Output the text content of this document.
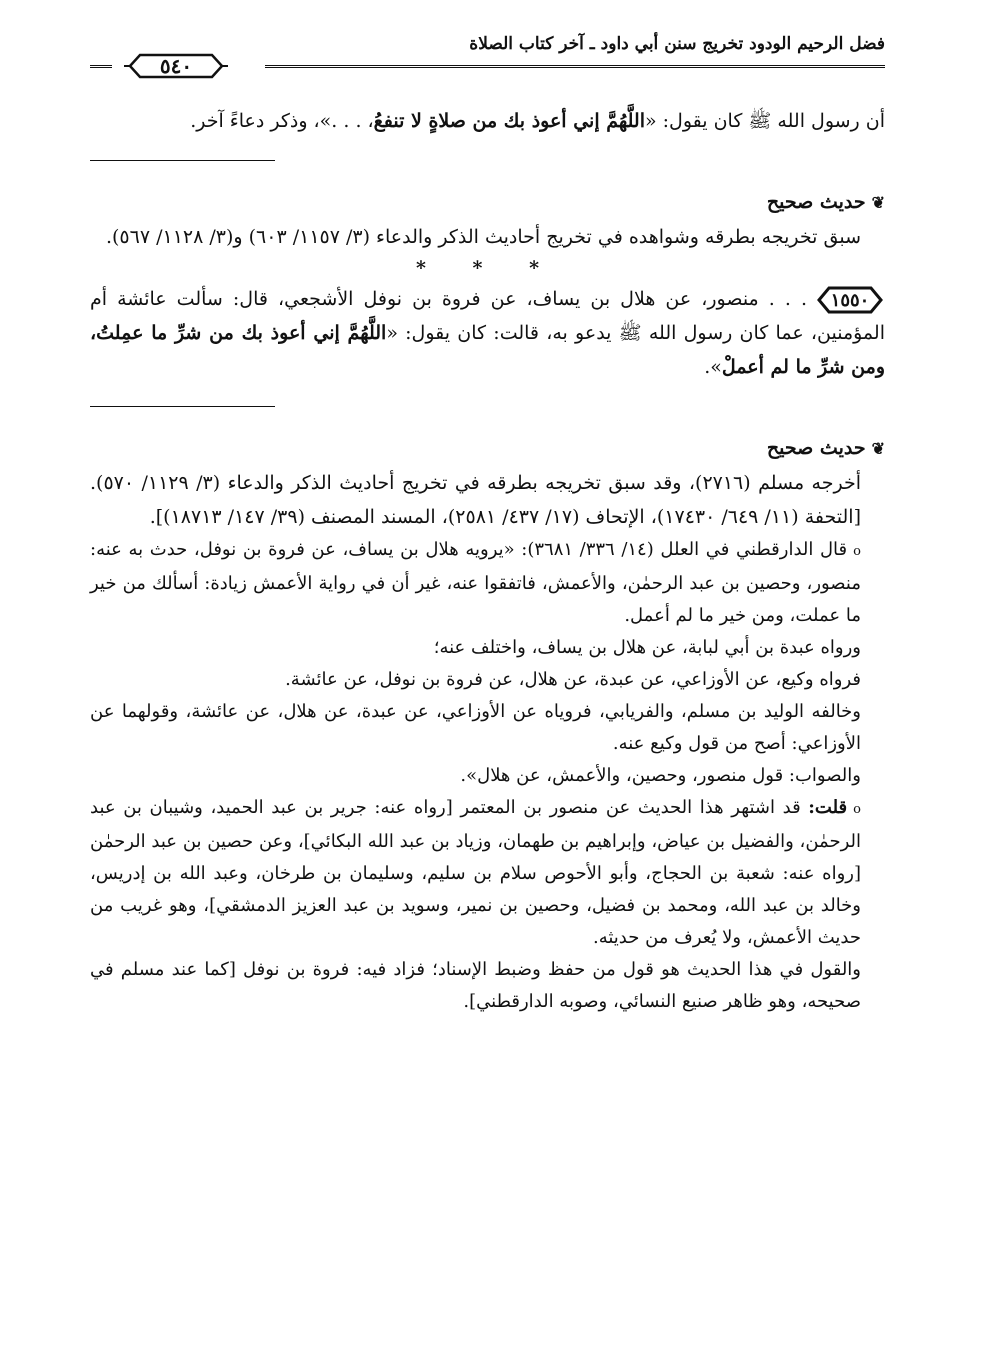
فضل الرحيم الودود تخريج سنن أبي داود ـ آخر كتاب الصلاة
٥٤٠

أن رسول الله ﷺ كان يقول: «اللَّهُمَّ إني أعوذ بك من صلاةٍ لا تنفعُ، . . .»، وذكر دعاءً آخر.

❦حديث صحيح

سبق تخريجه بطرقه وشواهده في تخريج أحاديث الذكر والدعاء (٣/ ١١٥٧/ ٦٠٣) و(٣/ ١١٢٨/ ٥٦٧).

* * *

١٥٥٠
. . . منصور، عن هلال بن يساف، عن فروة بن نوفل الأشجعي، قال: سألت عائشة أم المؤمنين، عما كان رسول الله ﷺ يدعو به، قالت: كان يقول: «اللَّهُمَّ إني أعوذ بك من شرِّ ما عمِلتُ، ومن شرِّ ما لم أعملْ».

❦حديث صحيح

أخرجه مسلم (٢٧١٦)، وقد سبق تخريجه بطرقه في تخريج أحاديث الذكر والدعاء (٣/ ١١٢٩/ ٥٧٠). [التحفة (١١/ ٦٤٩/ ١٧٤٣٠)، الإتحاف (١٧/ ٤٣٧/ ٢٥٨١)، المسند المصنف (٣٩/ ١٤٧/ ١٨٧١٣)].

oقال الدارقطني في العلل (١٤/ ٣٣٦/ ٣٦٨١): «يرويه هلال بن يساف، عن فروة بن نوفل، حدث به عنه: منصور، وحصين بن عبد الرحمٰن، والأعمش، فاتفقوا عنه، غير أن في رواية الأعمش زيادة: أسألك من خير ما عملت، ومن خير ما لم أعمل.

ورواه عبدة بن أبي لبابة، عن هلال بن يساف، واختلف عنه؛

فرواه وكيع، عن الأوزاعي، عن عبدة، عن هلال، عن فروة بن نوفل، عن عائشة.

وخالفه الوليد بن مسلم، والفريابي، فروياه عن الأوزاعي، عن عبدة، عن هلال، عن عائشة، وقولهما عن الأوزاعي: أصح من قول وكيع عنه.

والصواب: قول منصور، وحصين، والأعمش، عن هلال».

oقلت: قد اشتهر هذا الحديث عن منصور بن المعتمر [رواه عنه: جرير بن عبد الحميد، وشيبان بن عبد الرحمٰن، والفضيل بن عياض، وإبراهيم بن طهمان، وزياد بن عبد الله البكائي]، وعن حصين بن عبد الرحمٰن [رواه عنه: شعبة بن الحجاج، وأبو الأحوص سلام بن سليم، وسليمان بن طرخان، وعبد الله بن إدريس، وخالد بن عبد الله، ومحمد بن فضيل، وحصين بن نمير، وسويد بن عبد العزيز الدمشقي]، وهو غريب من حديث الأعمش، ولا يُعرف من حديثه.

والقول في هذا الحديث هو قول من حفظ وضبط الإسناد؛ فزاد فيه: فروة بن نوفل [كما عند مسلم في صحيحه، وهو ظاهر صنيع النسائي، وصوبه الدارقطني].
